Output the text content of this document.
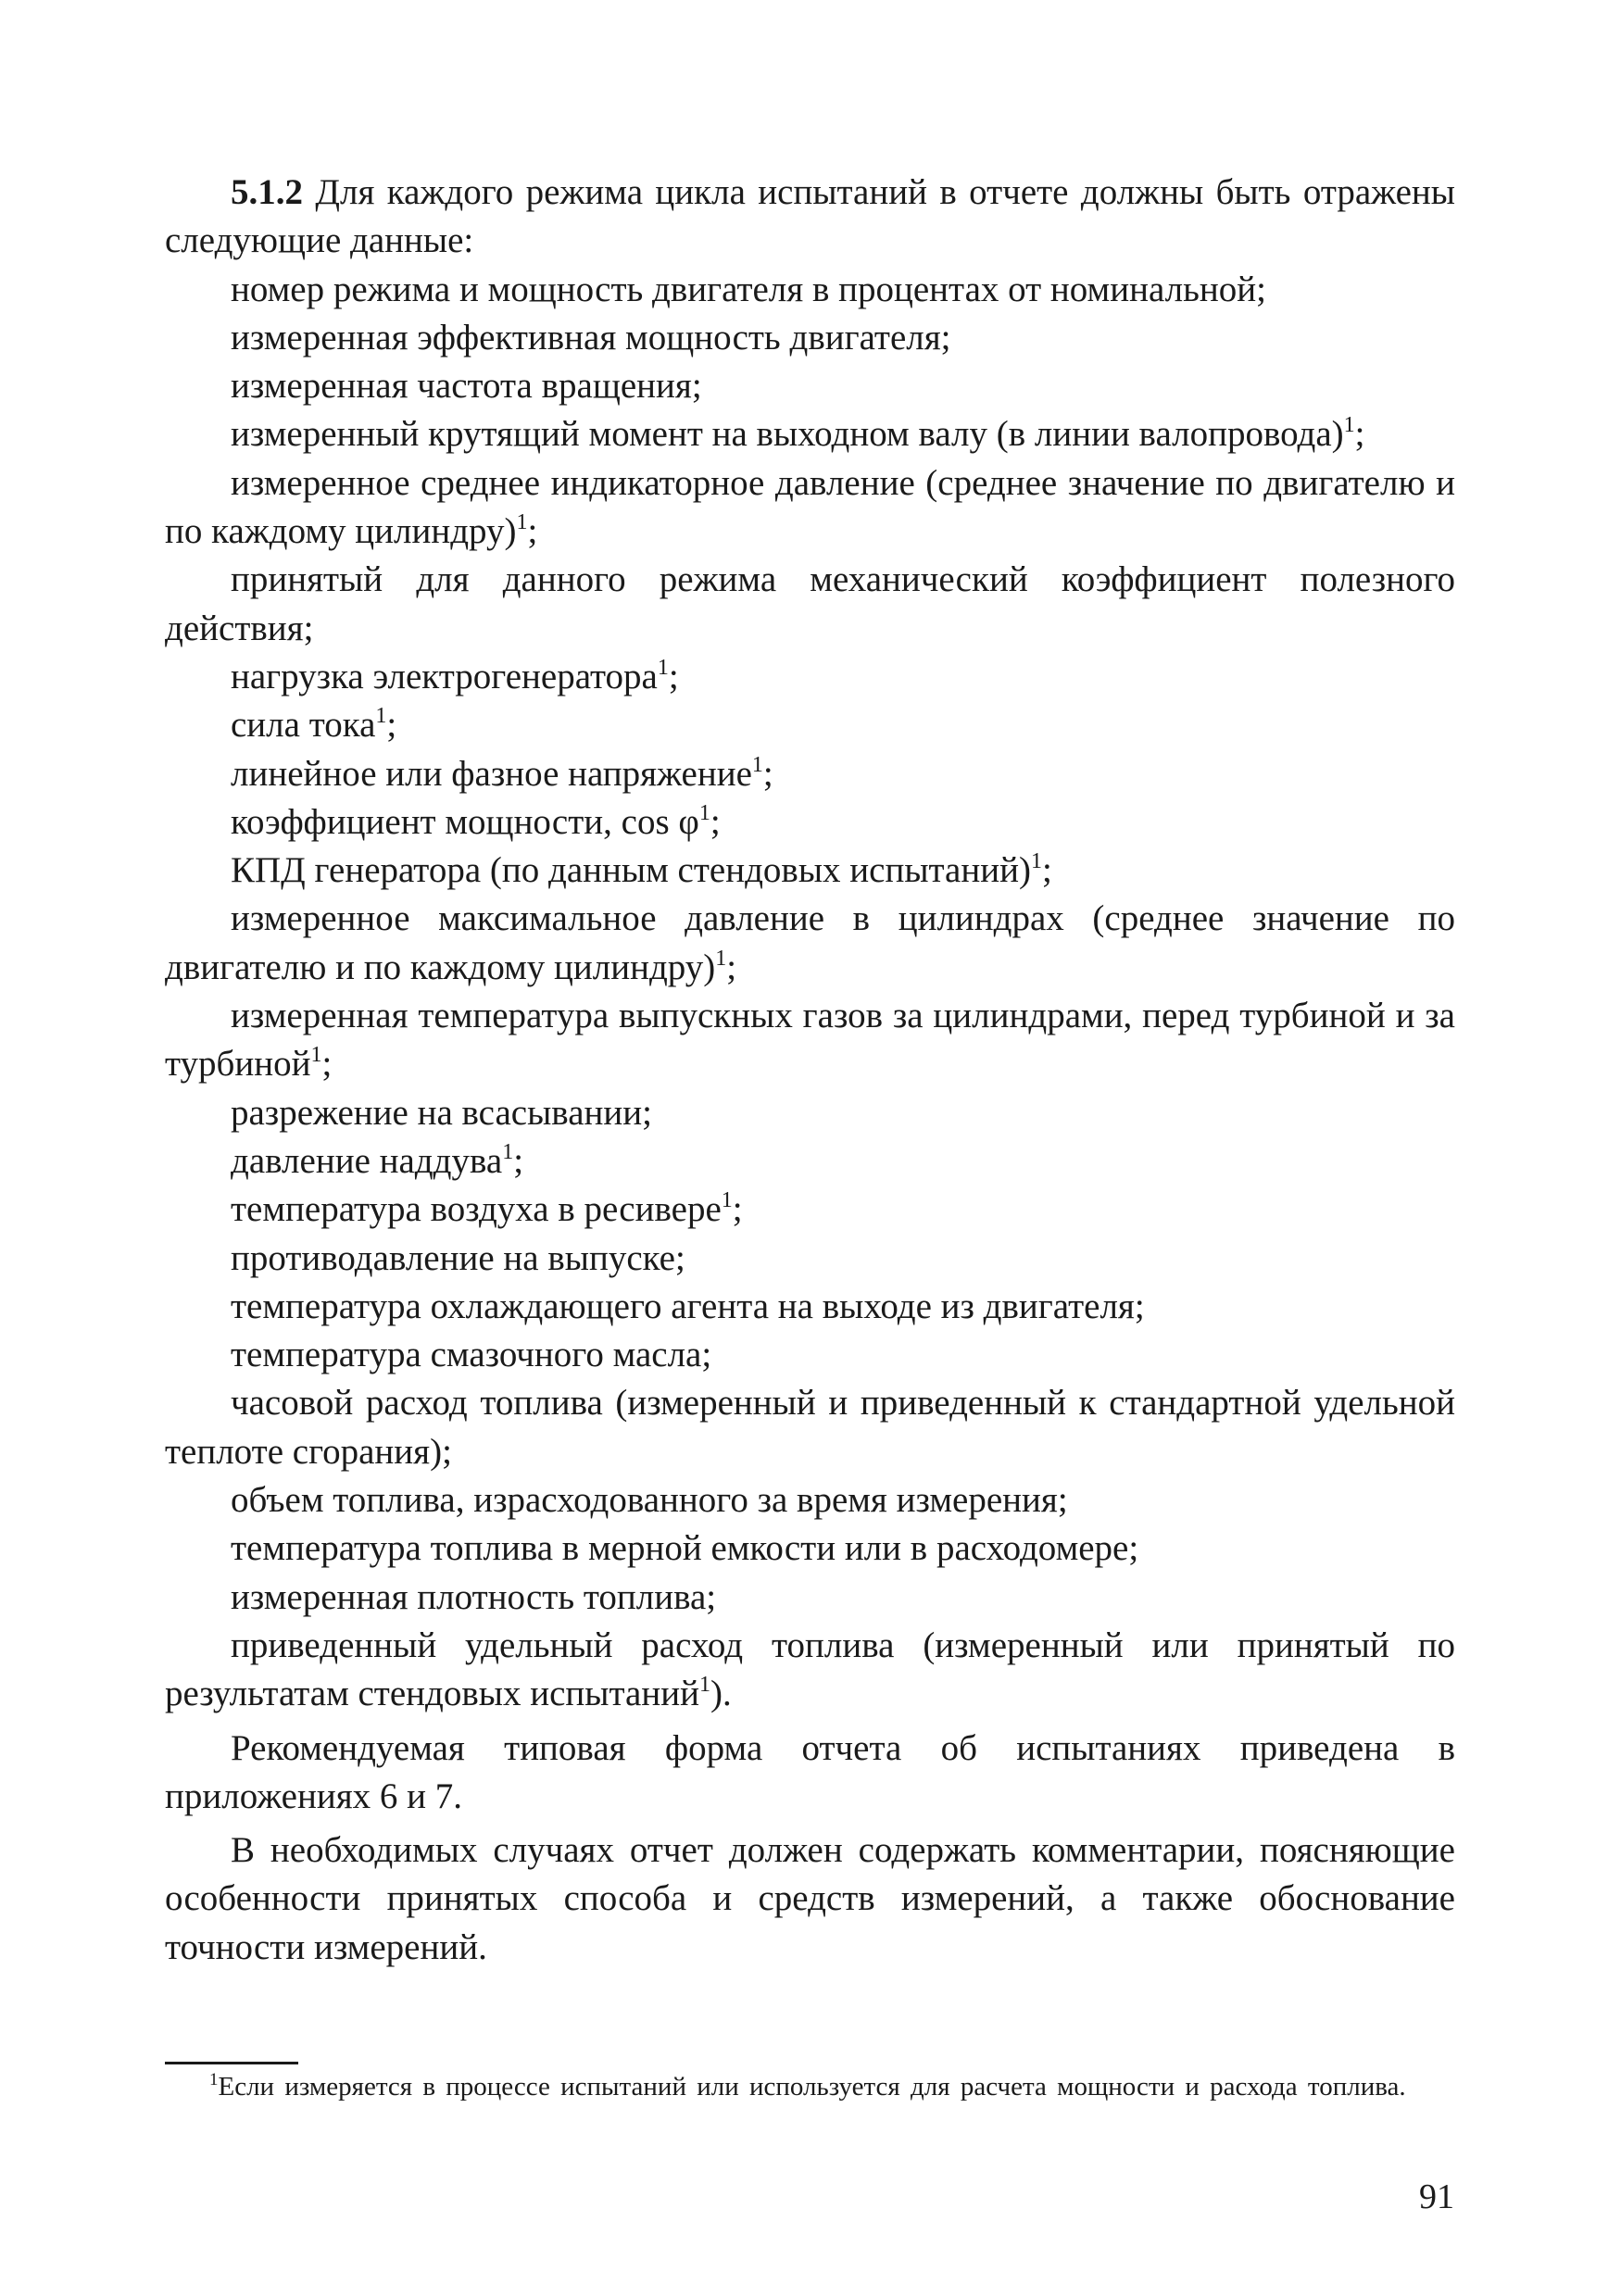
5.1.2 Для каждого режима цикла испытаний в отчете должны быть отражены следующие данные:

номер режима и мощность двигателя в процентах от номинальной;

измеренная эффективная мощность двигателя;

измеренная частота вращения;

измеренный крутящий момент на выходном валу (в линии валопровода)$^1$;

измеренное среднее индикаторное давление (среднее значение по двигателю и по каждому цилиндру)$^1$;

принятый для данного режима механический коэффициент полезного действия;

нагрузка электрогенератора$^1$;

сила тока$^1$;

линейное или фазное напряжение$^1$;

коэффициент мощности, cos φ$^1$;

КПД генератора (по данным стендовых испытаний)$^1$;

измеренное максимальное давление в цилиндрах (среднее значение по двигателю и по каждому цилиндру)$^1$;

измеренная температура выпускных газов за цилиндрами, перед турбиной и за турбиной$^1$;

разрежение на всасывании;

давление наддува$^1$;

температура воздуха в ресивере$^1$;

противодавление на выпуске;

температура охлаждающего агента на выходе из двигателя;

температура смазочного масла;

часовой расход топлива (измеренный и приведенный к стандартной удельной теплоте сгорания);

объем топлива, израсходованного за время измерения;

температура топлива в мерной емкости или в расходомере;

измеренная плотность топлива;

приведенный удельный расход топлива (измеренный или принятый по результатам стендовых испытаний$^1$).

Рекомендуемая типовая форма отчета об испытаниях приведена в приложениях 6 и 7.

В необходимых случаях отчет должен содержать комментарии, поясняющие особенности принятых способа и средств измерений, а также обоснование точности измерений.

$^1$Если измеряется в процессе испытаний или используется для расчета мощности и расхода топлива.

91
